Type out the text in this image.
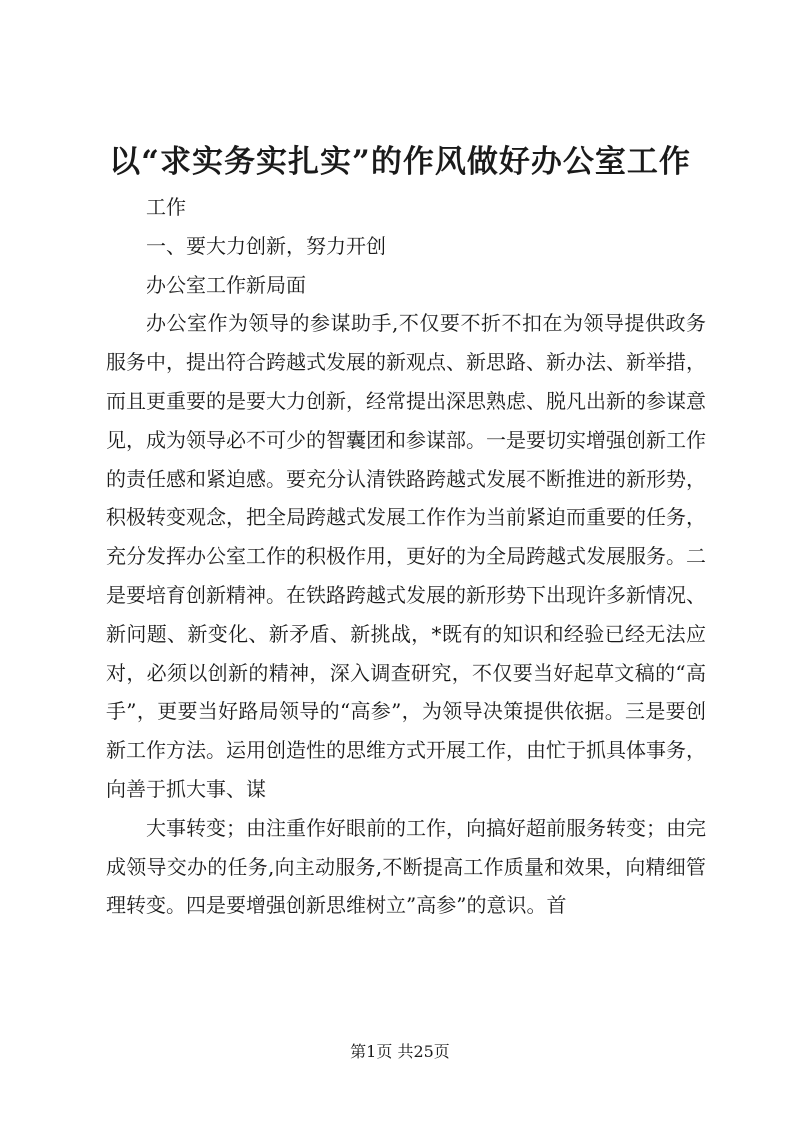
以“求实务实扎实”的作风做好办公室工作

工作

一、要大力创新，努力开创

办公室工作新局面

办公室作为领导的参谋助手,不仅要不折不扣在为领导提供政务服务中，提出符合跨越式发展的新观点、新思路、新办法、新举措，而且更重要的是要大力创新，经常提出深思熟虑、脱凡出新的参谋意见，成为领导必不可少的智囊团和参谋部。一是要切实增强创新工作的责任感和紧迫感。要充分认清铁路跨越式发展不断推进的新形势，积极转变观念，把全局跨越式发展工作作为当前紧迫而重要的任务，充分发挥办公室工作的积极作用，更好的为全局跨越式发展服务。二是要培育创新精神。在铁路跨越式发展的新形势下出现许多新情况、新问题、新变化、新矛盾、新挑战，*既有的知识和经验已经无法应对，必须以创新的精神，深入调查研究，不仅要当好起草文稿的“高手”，更要当好路局领导的“高参”，为领导决策提供依据。三是要创新工作方法。运用创造性的思维方式开展工作，由忙于抓具体事务，向善于抓大事、谋

大事转变；由注重作好眼前的工作，向搞好超前服务转变；由完成领导交办的任务,向主动服务,不断提高工作质量和效果，向精细管理转变。四是要增强创新思维树立”高参”的意识。首

第1页 共25页
